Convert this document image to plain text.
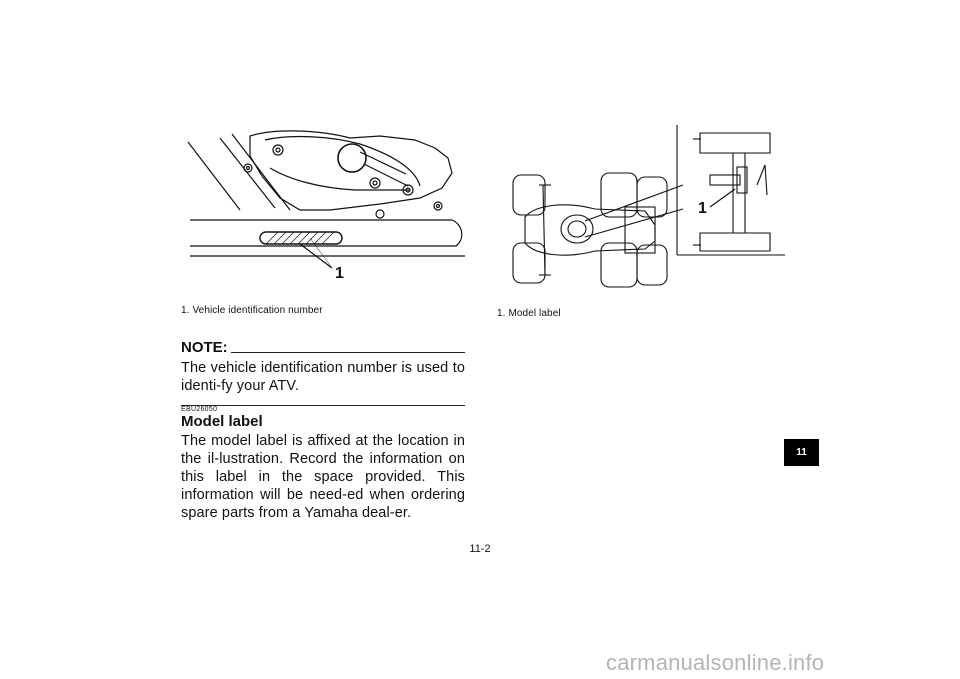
1
1. Vehicle identification number
1
1. Model label
NOTE:
The vehicle identification number is used to identi-fy your ATV.
EBU26050
Model label
The model label is affixed at the location in the il-lustration. Record the information on this label in the space provided. This information will be need-ed when ordering spare parts from a Yamaha deal-er.
11
11-2
carmanualsonline.info
